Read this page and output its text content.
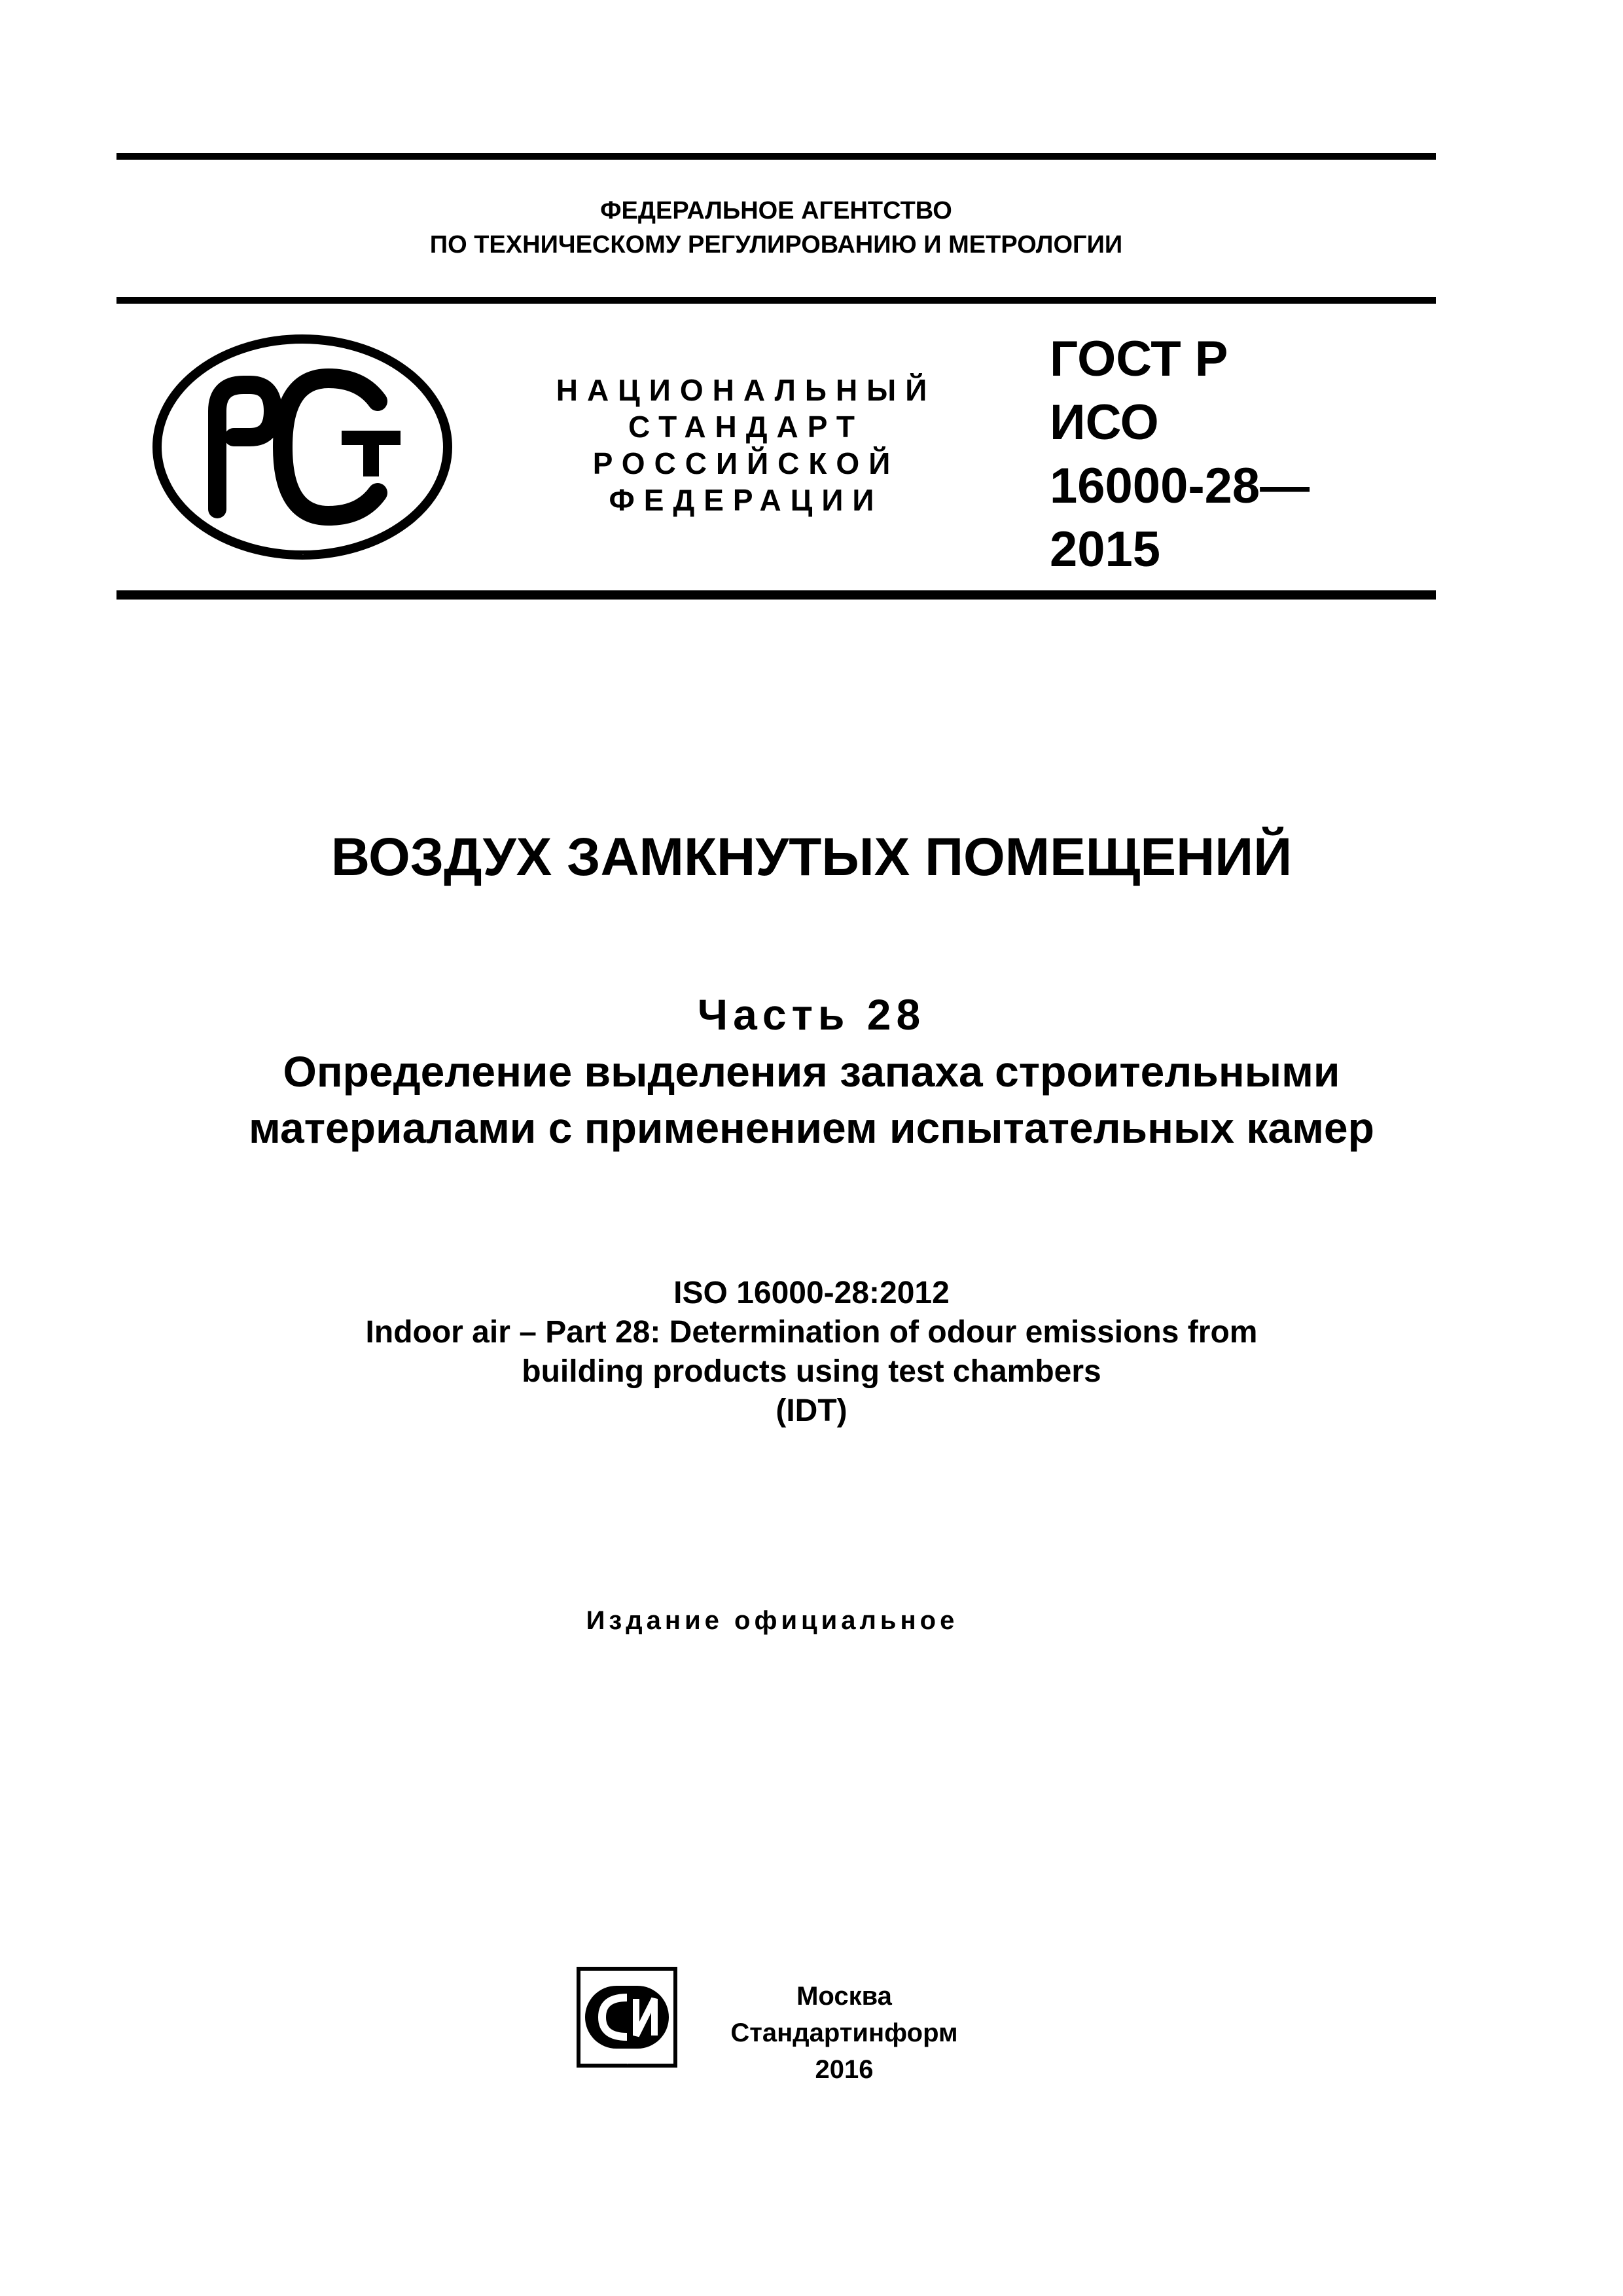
ФЕДЕРАЛЬНОЕ АГЕНТСТВО
ПО ТЕХНИЧЕСКОМУ РЕГУЛИРОВАНИЮ И МЕТРОЛОГИИ
РСТ
НАЦИОНАЛЬНЫЙ
СТАНДАРТ
РОССИЙСКОЙ
ФЕДЕРАЦИИ
ГОСТ Р
ИСО
16000-28—
2015
ВОЗДУХ ЗАМКНУТЫХ ПОМЕЩЕНИЙ
Часть 28
Определение выделения запаха строительными
материалами с применением испытательных камер
ISO 16000-28:2012
Indoor air – Part 28: Determination of odour emissions from
building products using test chambers
(IDT)
Издание официальное
СИ
Москва
Стандартинформ
2016
